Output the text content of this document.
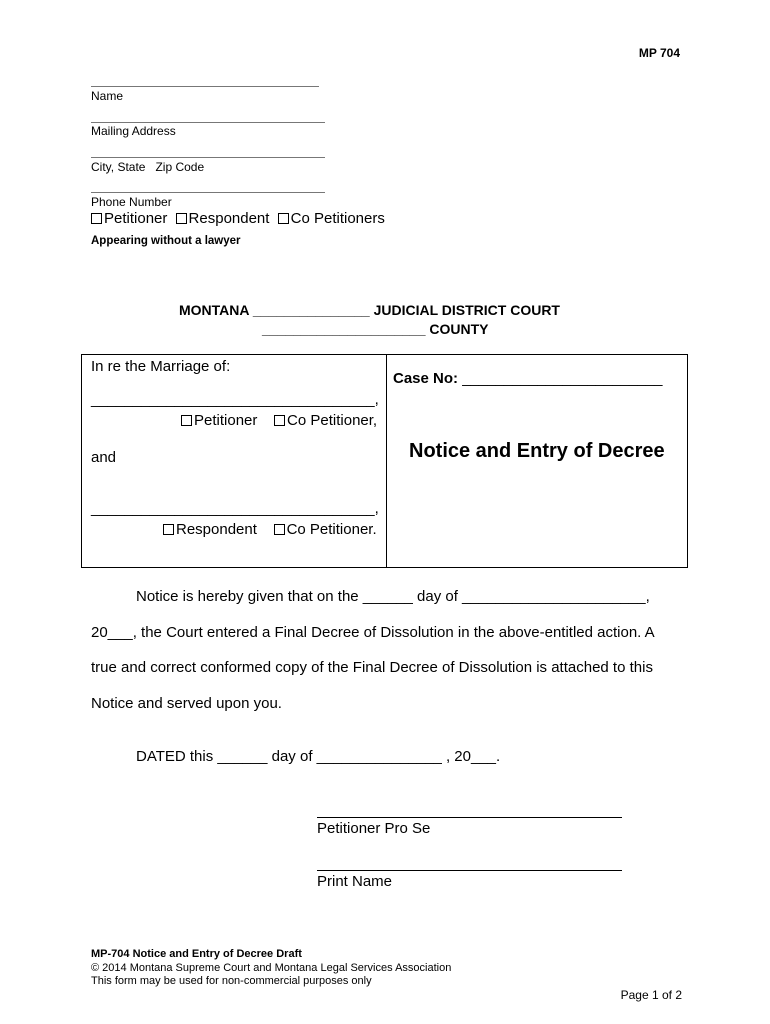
MP 704
Name
Mailing Address
City, State   Zip Code
Phone Number
Petitioner Respondent Co Petitioners
Appearing without a lawyer
MONTANA _______________ JUDICIAL DISTRICT COURT
_____________________ COUNTY
In re the Marriage of:
__________________________________,
Petitioner Co Petitioner,
and
__________________________________,
Respondent Co Petitioner.
Case No: ________________________
Notice and Entry of Decree
Notice is hereby given that on the ______ day of ______________________,
20___, the Court entered a Final Decree of Dissolution in the above-entitled action. A
true and correct conformed copy of the Final Decree of Dissolution is attached to this
Notice and served upon you.
DATED this ______ day of _______________ , 20___.
Petitioner Pro Se
Print Name
MP-704 Notice and Entry of Decree Draft
© 2014 Montana Supreme Court and Montana Legal Services Association
This form may be used for non-commercial purposes only
Page 1 of 2
